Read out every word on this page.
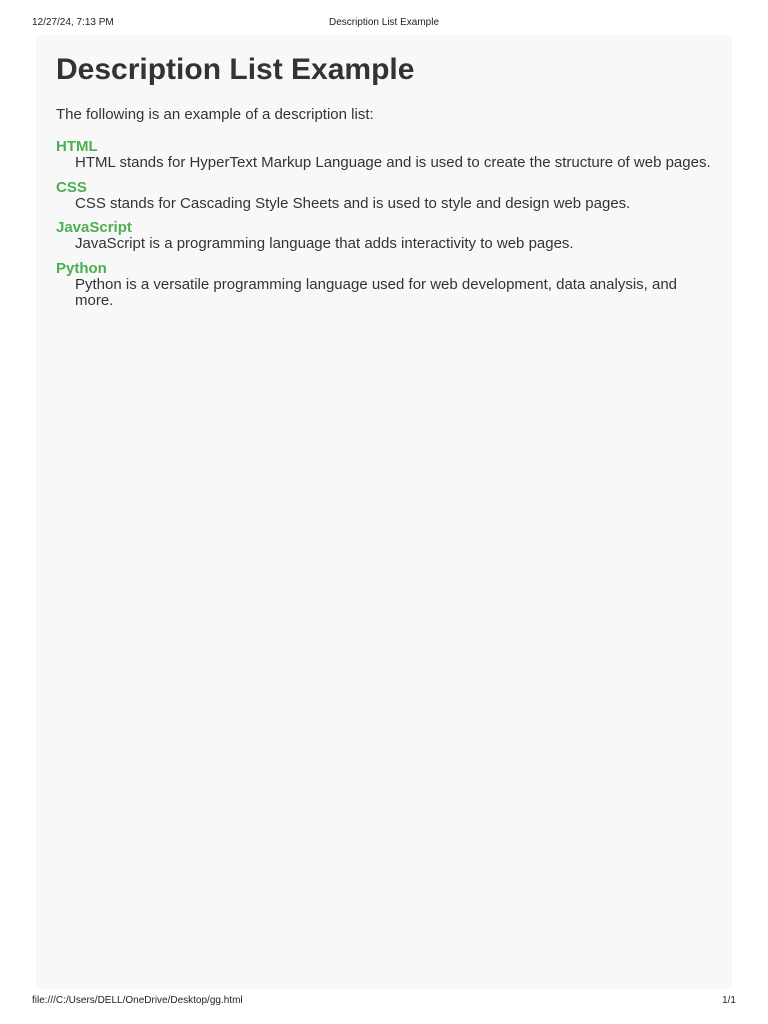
12/27/24, 7:13 PM	Description List Example
Description List Example

The following is an example of a description list:

HTML
HTML stands for HyperText Markup Language and is used to create the structure of web pages.
CSS
CSS stands for Cascading Style Sheets and is used to style and design web pages.
JavaScript
JavaScript is a programming language that adds interactivity to web pages.
Python
Python is a versatile programming language used for web development, data analysis, and more.
file:///C:/Users/DELL/OneDrive/Desktop/gg.html	1/1
